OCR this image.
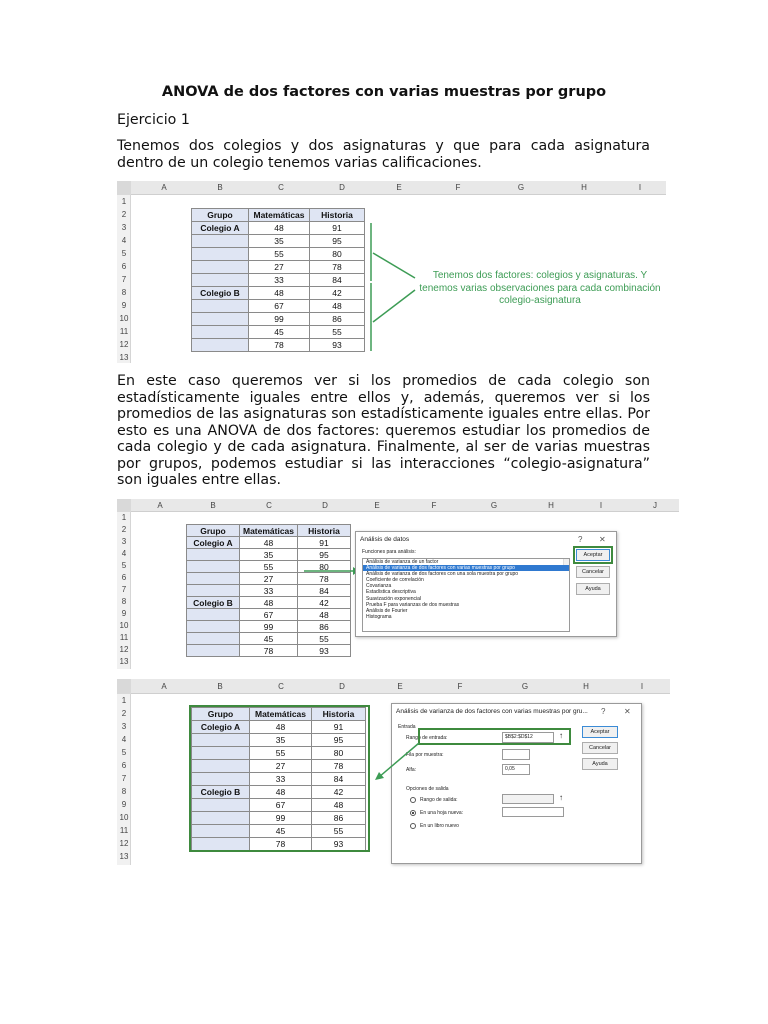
ANOVA de dos factores con varias muestras por grupo
Ejercicio 1
Tenemos dos colegios y dos asignaturas y que para cada asignatura dentro de un colegio tenemos varias calificaciones.
A	B	C	D	E	F	G	H	I
1
2
3
4
5
6
7
8
9
10
11
12
13
Grupo	Matemáticas	Historia
Colegio A	48	91
	35	95
	55	80
	27	78
	33	84
Colegio B	48	42
	67	48
	99	86
	45	55
	78	93
Tenemos dos factores: colegios y asignaturas. Y tenemos varias observaciones para cada combinación colegio-asignatura
En este caso queremos ver si los promedios de cada colegio son estadísticamente iguales entre ellos y, además, queremos ver si los promedios de las asignaturas son estadísticamente iguales entre ellas. Por esto es una ANOVA de dos factores: queremos estudiar los promedios de cada colegio y de cada asignatura. Finalmente, al ser de varias muestras por grupos, podemos estudiar si las interacciones “colegio-asignatura” son iguales entre ellas.
A	B	C	D	E	F	G	H	I	J
1
2
3
4
5
6
7
8
9
10
11
12
13
Grupo	Matemáticas	Historia
Colegio A	48	91
	35	95
	55	80
	27	78
	33	84
Colegio B	48	42
	67	48
	99	86
	45	55
	78	93
Análisis de datos	? ✕
Funciones para análisis:
Análisis de varianza de un factor
Análisis de varianza de dos factores con varias muestras por grupo
Análisis de varianza de dos factores con una sola muestra por grupo
Coeficiente de correlación
Covarianza
Estadística descriptiva
Suavización exponencial
Prueba F para varianzas de dos muestras
Análisis de Fourier
Histograma
Aceptar
Cancelar
Ayuda
A	B	C	D	E	F	G	H	I
1
2
3
4
5
6
7
8
9
10
11
12
13
Grupo	Matemáticas	Historia
Colegio A	48	91
	35	95
	55	80
	27	78
	33	84
Colegio B	48	42
	67	48
	99	86
	45	55
	78	93
Análisis de varianza de dos factores con varias muestras por gru... ? ✕
Entrada
Rango de entrada:	$B$2:$D$12	↑
Fila por muestra:
Alfa:	0,05
Opciones de salida
Rango de salida:	↑
En una hoja nueva:
En un libro nuevo
Aceptar
Cancelar
Ayuda
